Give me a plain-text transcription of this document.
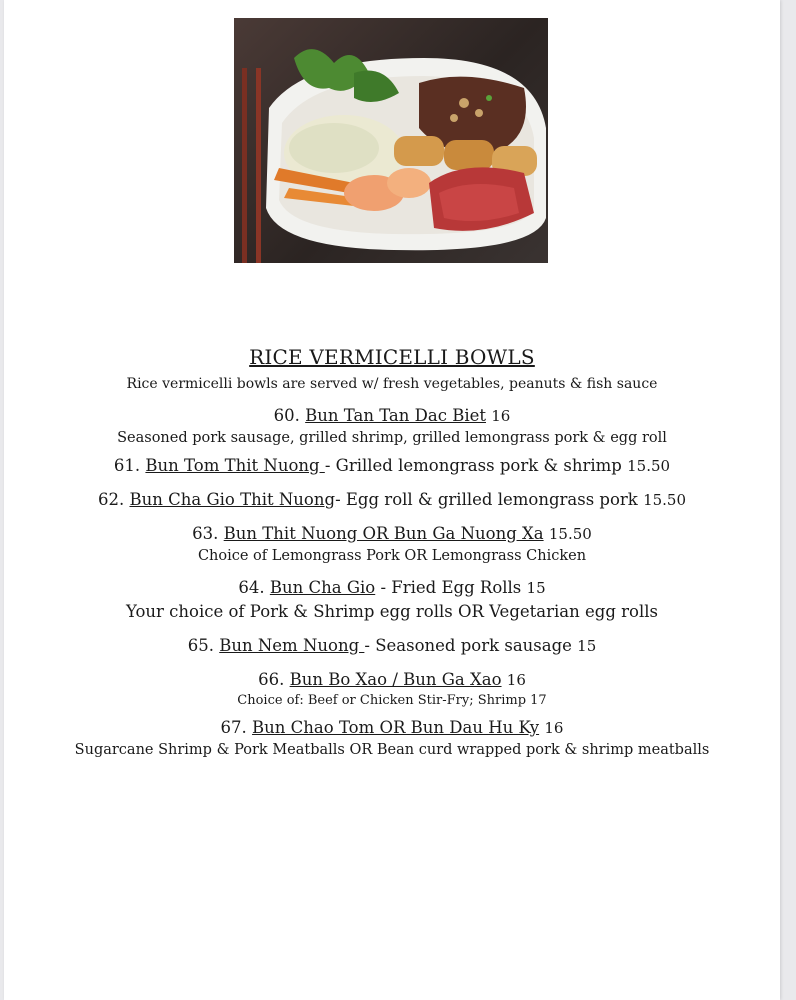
RICE VERMICELLI BOWLS
Rice vermicelli bowls are served w/ fresh vegetables, peanuts & fish sauce
60. Bun Tan Tan Dac Biet 16
Seasoned pork sausage, grilled shrimp, grilled lemongrass pork & egg roll
61. Bun Tom Thit Nuong - Grilled lemongrass pork & shrimp 15.50
62. Bun Cha Gio Thit Nuong- Egg roll & grilled lemongrass pork 15.50
63. Bun Thit Nuong OR Bun Ga Nuong Xa 15.50
Choice of Lemongrass Pork OR Lemongrass Chicken
64. Bun Cha Gio - Fried Egg Rolls 15
Your choice of Pork & Shrimp egg rolls OR Vegetarian egg rolls
65. Bun Nem Nuong - Seasoned pork sausage 15
66. Bun Bo Xao / Bun Ga Xao 16
Choice of: Beef or Chicken Stir-Fry; Shrimp 17
67. Bun Chao Tom OR Bun Dau Hu Ky 16
Sugarcane Shrimp & Pork Meatballs OR Bean curd wrapped pork & shrimp meatballs
